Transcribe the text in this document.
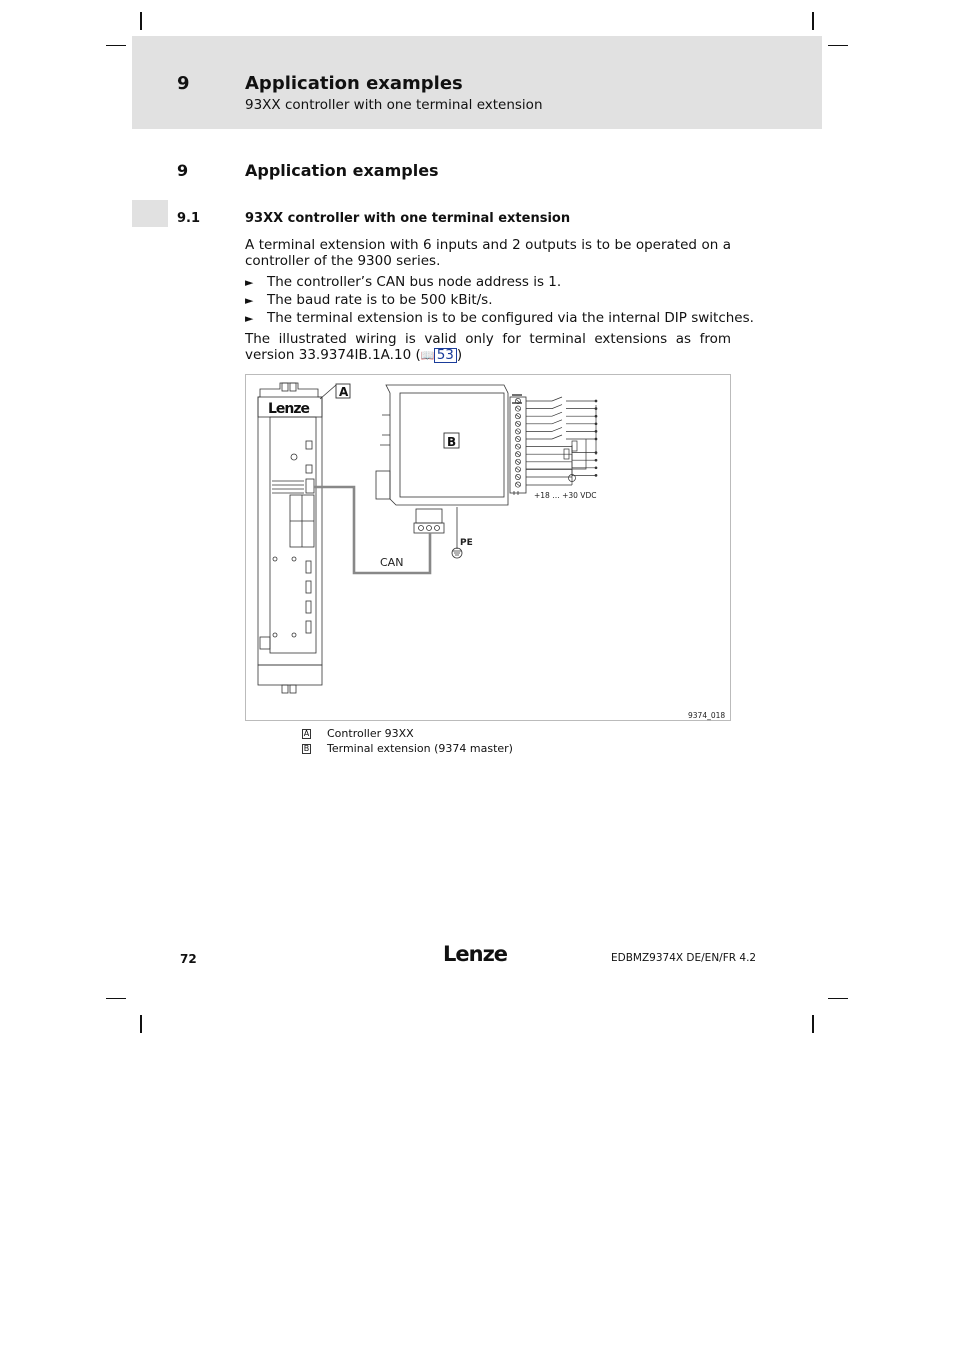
9	Application examples
93XX controller with one terminal extension
9	Application examples
9.1	93XX controller with one terminal extension
A terminal extension with 6 inputs and 2 outputs is to be operated on a controller of the 9300 series.
► The controller’s CAN bus node address is 1.
► The baud rate is to be 500 kBit/s.
► The terminal extension is to be configured via the internal DIP switches.
The illustrated wiring is valid only for terminal extensions as from version 33.9374IB.1A.10 (📖 53 )
Lenze
A
B
CAN
PE
+18 … +30 VDC
9374_018
A Controller 93XX
B Terminal extension (9374 master)
72	Lenze	EDBMZ9374X DE/EN/FR 4.2
